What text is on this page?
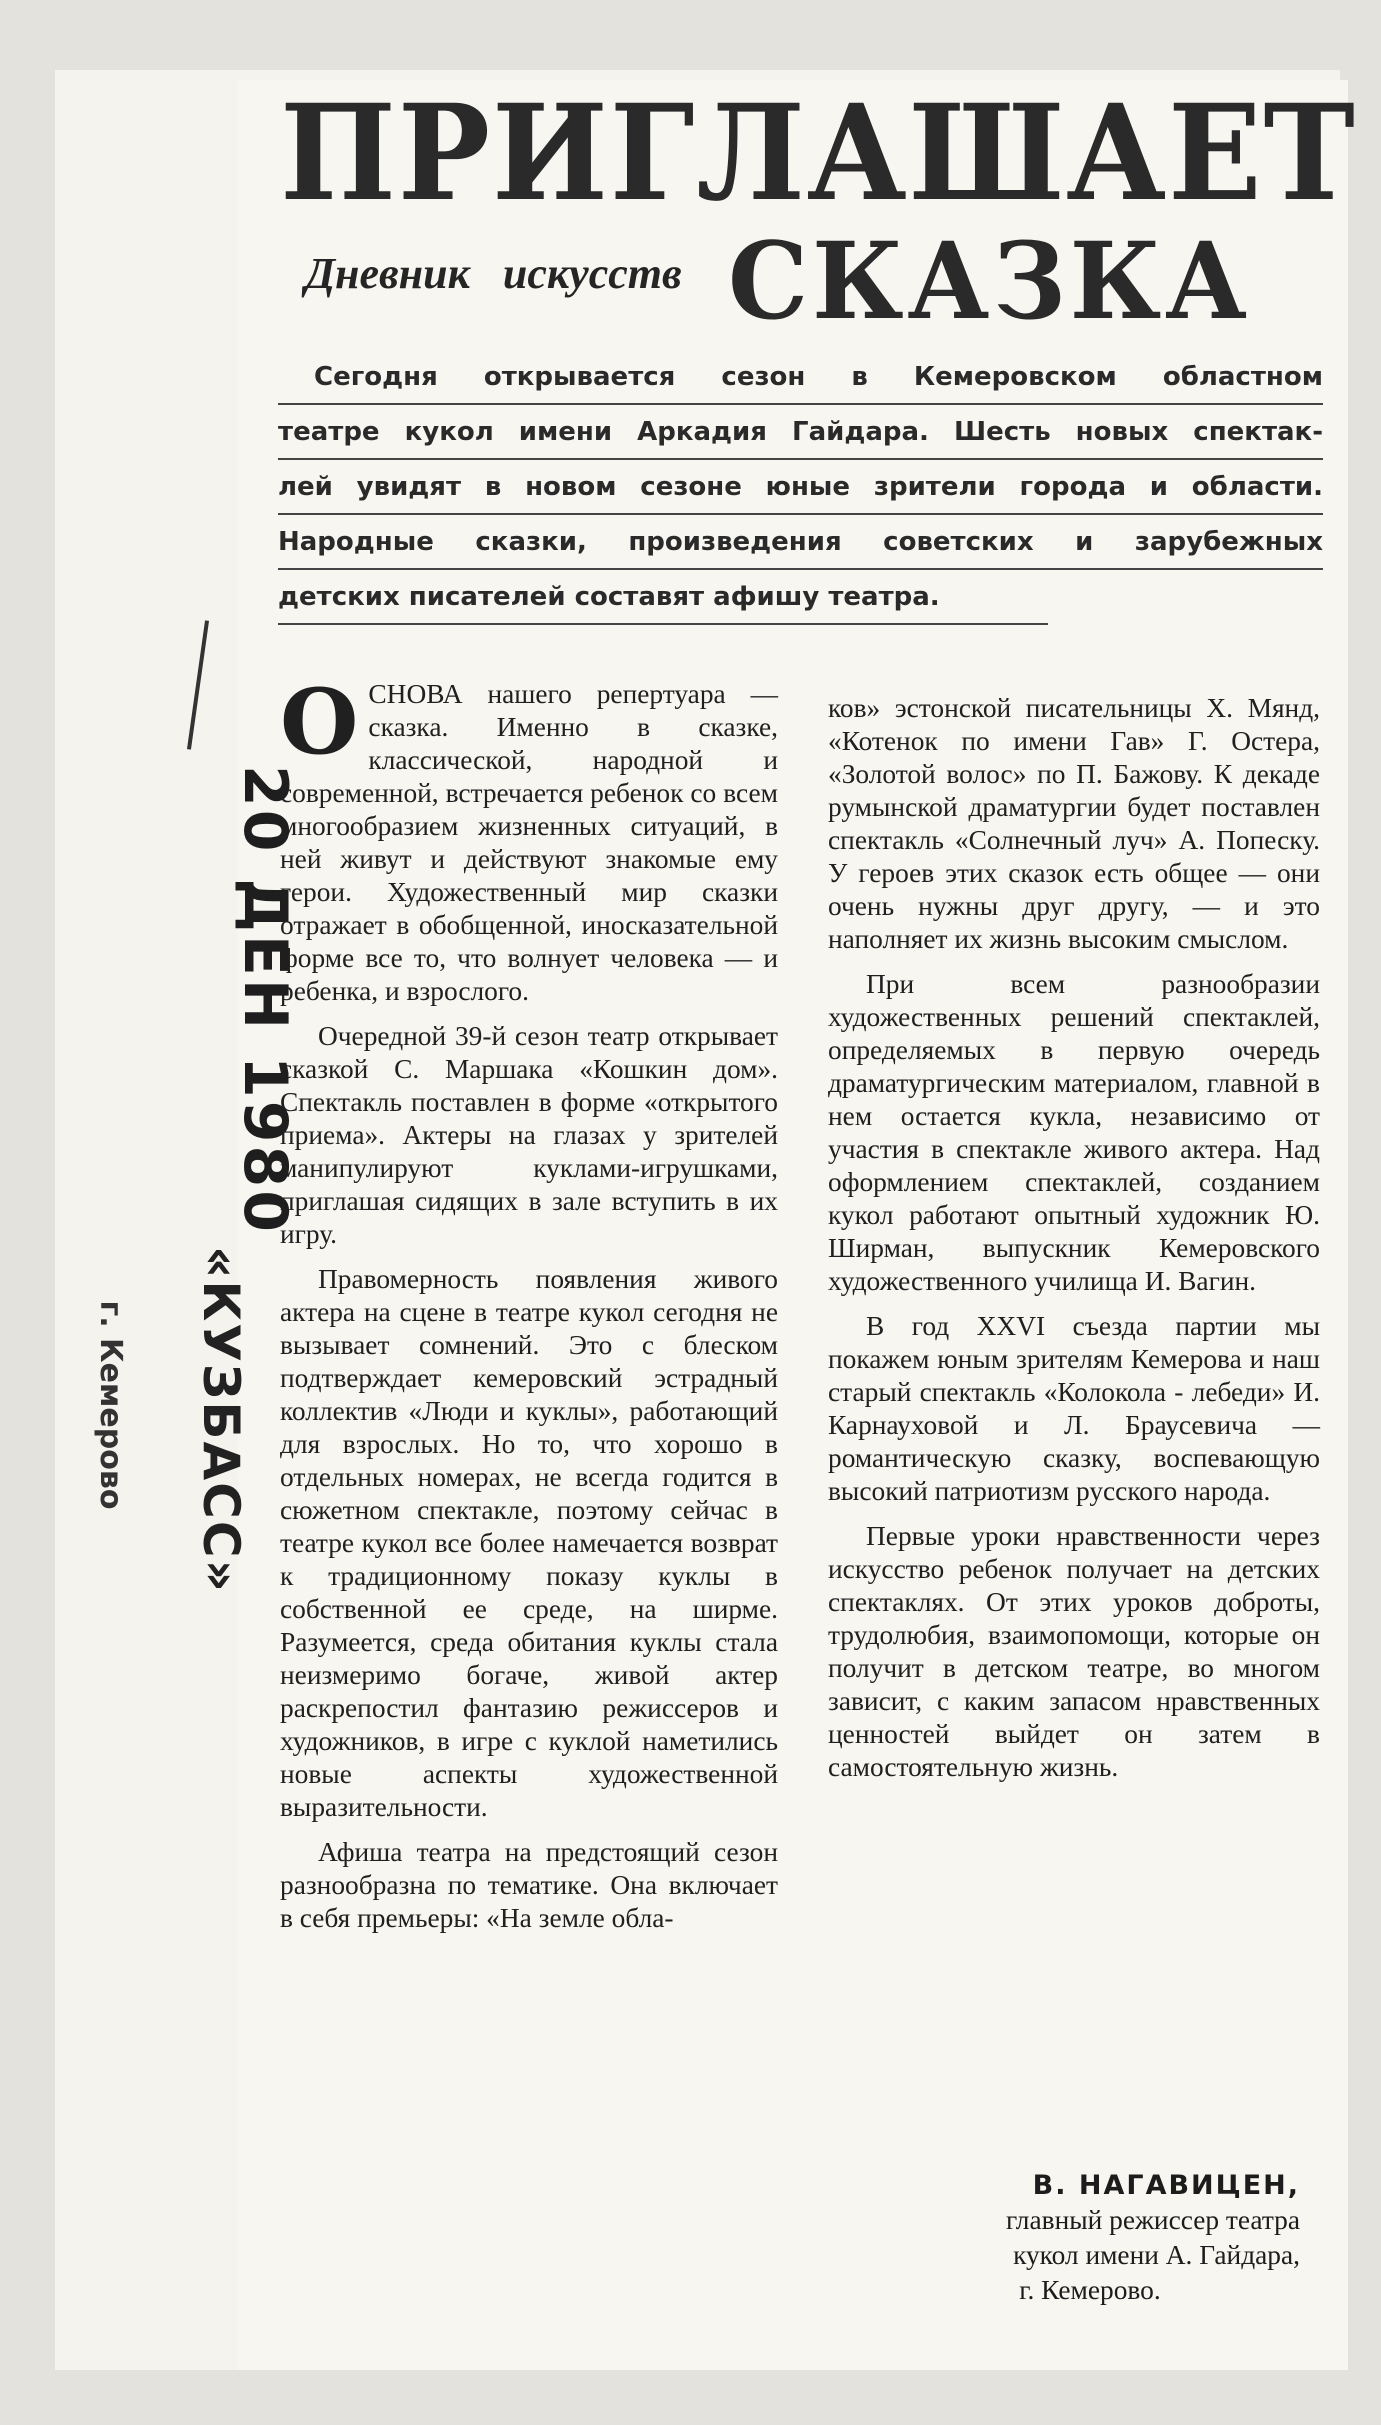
20 ДЕН 1980
«КУЗБАСС»
г. Кемерово
ПРИГЛАШАЕТ
Дневник искусств СКАЗКА
Сегодня открывается сезон в Кемеровском областном
театре кукол имени Аркадия Гайдара. Шесть новых спектак-
лей увидят в новом сезоне юные зрители города и области.
Народные сказки, произведения советских и зарубежных
детских писателей составят афишу театра.

ОСНОВА нашего репертуара — сказка. Именно в сказке, классической, народной и современной, встречается ребенок со всем многообразием жизненных ситуаций, в ней живут и действуют знакомые ему герои. Художественный мир сказки отражает в обобщенной, иносказательной форме все то, что волнует человека — и ребенка, и взрослого.

Очередной 39-й сезон театр открывает сказкой С. Маршака «Кошкин дом». Спектакль поставлен в форме «открытого приема». Актеры на глазах у зрителей манипулируют куклами-игрушками, приглашая сидящих в зале вступить в их игру.

Правомерность появления живого актера на сцене в театре кукол сегодня не вызывает сомнений. Это с блеском подтверждает кемеровский эстрадный коллектив «Люди и куклы», работающий для взрослых. Но то, что хорошо в отдельных номерах, не всегда годится в сюжетном спектакле, поэтому сейчас в театре кукол все более намечается возврат к традиционному показу куклы в собственной ее среде, на ширме. Разумеется, среда обитания куклы стала неизмеримо богаче, живой актер раскрепостил фантазию режиссеров и художников, в игре с куклой наметились новые аспекты художественной выразительности.

Афиша театра на предстоящий сезон разнообразна по тематике. Она включает в себя премьеры: «На земле обла-

ков» эстонской писательницы Х. Мянд, «Котенок по имени Гав» Г. Остера, «Золотой волос» по П. Бажову. К декаде румынской драматургии будет поставлен спектакль «Солнечный луч» А. Попеску. У героев этих сказок есть общее — они очень нужны друг другу, — и это наполняет их жизнь высоким смыслом.

При всем разнообразии художественных решений спектаклей, определяемых в первую очередь драматургическим материалом, главной в нем остается кукла, независимо от участия в спектакле живого актера. Над оформлением спектаклей, созданием кукол работают опытный художник Ю. Ширман, выпускник Кемеровского художественного училища И. Вагин.

В год XXVI съезда партии мы покажем юным зрителям Кемерова и наш старый спектакль «Колокола - лебеди» И. Карнауховой и Л. Браусевича — романтическую сказку, воспевающую высокий патриотизм русского народа.

Первые уроки нравственности через искусство ребенок получает на детских спектаклях. От этих уроков доброты, трудолюбия, взаимопомощи, которые он получит в детском театре, во многом зависит, с каким запасом нравственных ценностей выйдет он затем в самостоятельную жизнь.

В. НАГАВИЦЕН,
главный режиссер театра
кукол имени А. Гайдара,
г. Кемерово.
